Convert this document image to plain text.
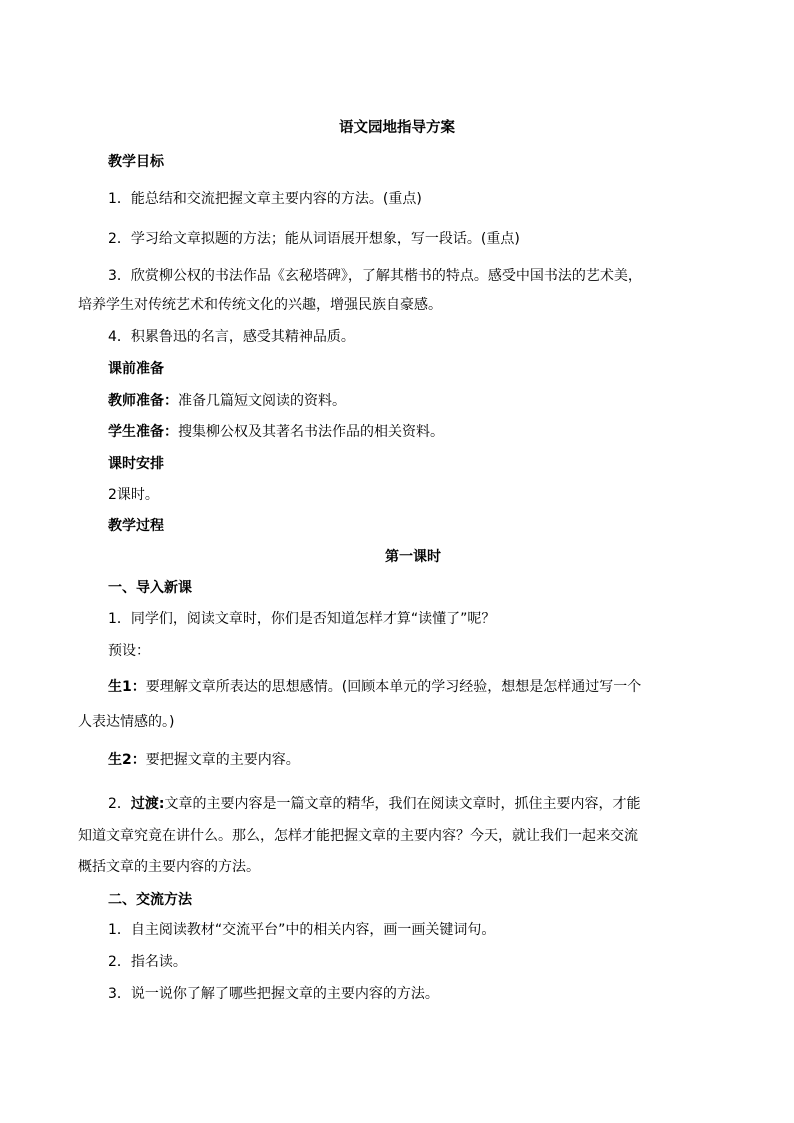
语文园地指导方案
教学目标
1．能总结和交流把握文章主要内容的方法。(重点)
2．学习给文章拟题的方法；能从词语展开想象，写一段话。(重点)
3．欣赏柳公权的书法作品《玄秘塔碑》，了解其楷书的特点。感受中国书法的艺术美，
培养学生对传统艺术和传统文化的兴趣，增强民族自豪感。
4．积累鲁迅的名言，感受其精神品质。
课前准备
教师准备：准备几篇短文阅读的资料。
学生准备：搜集柳公权及其著名书法作品的相关资料。
课时安排
2课时。
教学过程
第一课时
一、导入新课
1．同学们，阅读文章时，你们是否知道怎样才算“读懂了”呢？
预设：
生1：要理解文章所表达的思想感情。(回顾本单元的学习经验，想想是怎样通过写一个
人表达情感的。)
生2：要把握文章的主要内容。
2．过渡:文章的主要内容是一篇文章的精华，我们在阅读文章时，抓住主要内容，才能
知道文章究竟在讲什么。那么，怎样才能把握文章的主要内容？今天，就让我们一起来交流
概括文章的主要内容的方法。
二、交流方法
1．自主阅读教材“交流平台”中的相关内容，画一画关键词句。
2．指名读。
3．说一说你了解了哪些把握文章的主要内容的方法。
